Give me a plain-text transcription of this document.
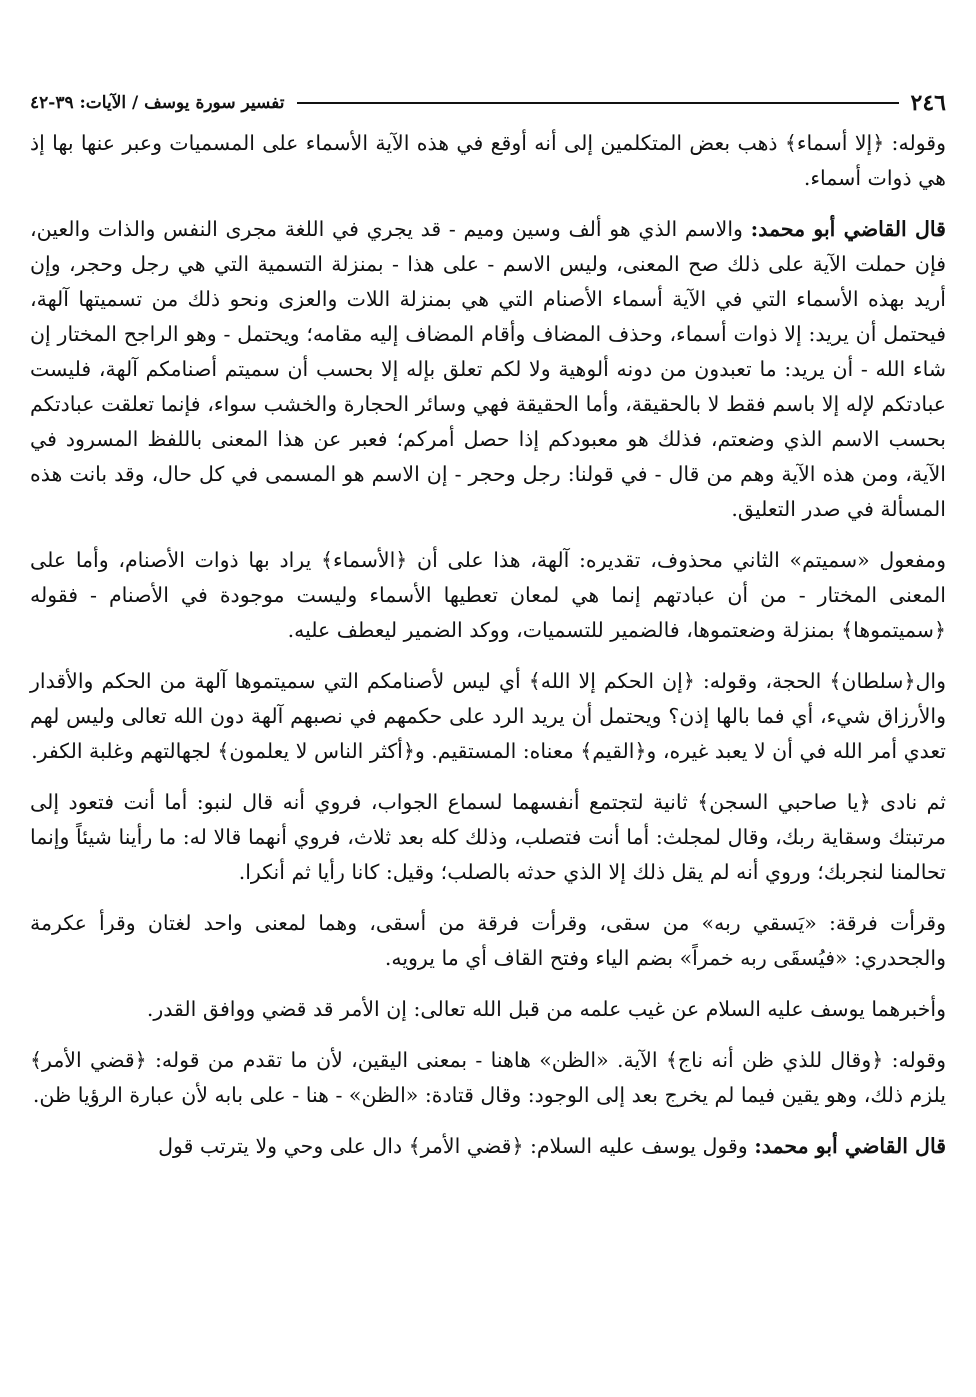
٢٤٦
تفسير سورة يوسف / الآيات: ٣٩-٤٢

وقوله: ﴿إلا أسماء﴾ ذهب بعض المتكلمين إلى أنه أوقع في هذه الآية الأسماء على المسميات وعبر عنها بها إذ هي ذوات أسماء.

قال القاضي أبو محمد: والاسم الذي هو ألف وسين وميم - قد يجري في اللغة مجرى النفس والذات والعين، فإن حملت الآية على ذلك صح المعنى، وليس الاسم - على هذا - بمنزلة التسمية التي هي رجل وحجر، وإن أريد بهذه الأسماء التي في الآية أسماء الأصنام التي هي بمنزلة اللات والعزى ونحو ذلك من تسميتها آلهة، فيحتمل أن يريد: إلا ذوات أسماء، وحذف المضاف وأقام المضاف إليه مقامه؛ ويحتمل - وهو الراجح المختار إن شاء الله - أن يريد: ما تعبدون من دونه ألوهية ولا لكم تعلق بإله إلا بحسب أن سميتم أصنامكم آلهة، فليست عبادتكم لإله إلا باسم فقط لا بالحقيقة، وأما الحقيقة فهي وسائر الحجارة والخشب سواء، فإنما تعلقت عبادتكم بحسب الاسم الذي وضعتم، فذلك هو معبودكم إذا حصل أمركم؛ فعبر عن هذا المعنى باللفظ المسرود في الآية، ومن هذه الآية وهم من قال - في قولنا: رجل وحجر - إن الاسم هو المسمى في كل حال، وقد بانت هذه المسألة في صدر التعليق.

ومفعول «سميتم» الثاني محذوف، تقديره: آلهة، هذا على أن ﴿الأسماء﴾ يراد بها ذوات الأصنام، وأما على المعنى المختار - من أن عبادتهم إنما هي لمعان تعطيها الأسماء وليست موجودة في الأصنام - فقوله ﴿سميتموها﴾ بمنزلة وضعتموها، فالضمير للتسميات، ووكد الضمير ليعطف عليه.

وال﴿سلطان﴾ الحجة، وقوله: ﴿إن الحكم إلا الله﴾ أي ليس لأصنامكم التي سميتموها آلهة من الحكم والأقدار والأرزاق شيء، أي فما بالها إذن؟ ويحتمل أن يريد الرد على حكمهم في نصبهم آلهة دون الله تعالى وليس لهم تعدي أمر الله في أن لا يعبد غيره، و﴿القيم﴾ معناه: المستقيم. و﴿أكثر الناس لا يعلمون﴾ لجهالتهم وغلبة الكفر.

ثم نادى ﴿يا صاحبي السجن﴾ ثانية لتجتمع أنفسهما لسماع الجواب، فروي أنه قال لنبو: أما أنت فتعود إلى مرتبتك وسقاية ربك، وقال لمجلث: أما أنت فتصلب، وذلك كله بعد ثلاث، فروي أنهما قالا له: ما رأينا شيئاً وإنما تحالمنا لنجربك؛ وروي أنه لم يقل ذلك إلا الذي حدثه بالصلب؛ وقيل: كانا رأيا ثم أنكرا.

وقرأت فرقة: «يَسقي ربه» من سقى، وقرأت فرقة من أسقى، وهما لمعنى واحد لغتان وقرأ عكرمة والجحدري: «فيُسقَى ربه خمراً» بضم الياء وفتح القاف أي ما يرويه.

وأخبرهما يوسف عليه السلام عن غيب علمه من قبل الله تعالى: إن الأمر قد قضي ووافق القدر.

وقوله: ﴿وقال للذي ظن أنه ناج﴾ الآية. «الظن» هاهنا - بمعنى اليقين، لأن ما تقدم من قوله: ﴿قضي الأمر﴾ يلزم ذلك، وهو يقين فيما لم يخرج بعد إلى الوجود: وقال قتادة: «الظن» - هنا - على بابه لأن عبارة الرؤيا ظن.

قال القاضي أبو محمد: وقول يوسف عليه السلام: ﴿قضي الأمر﴾ دال على وحي ولا يترتب قول
